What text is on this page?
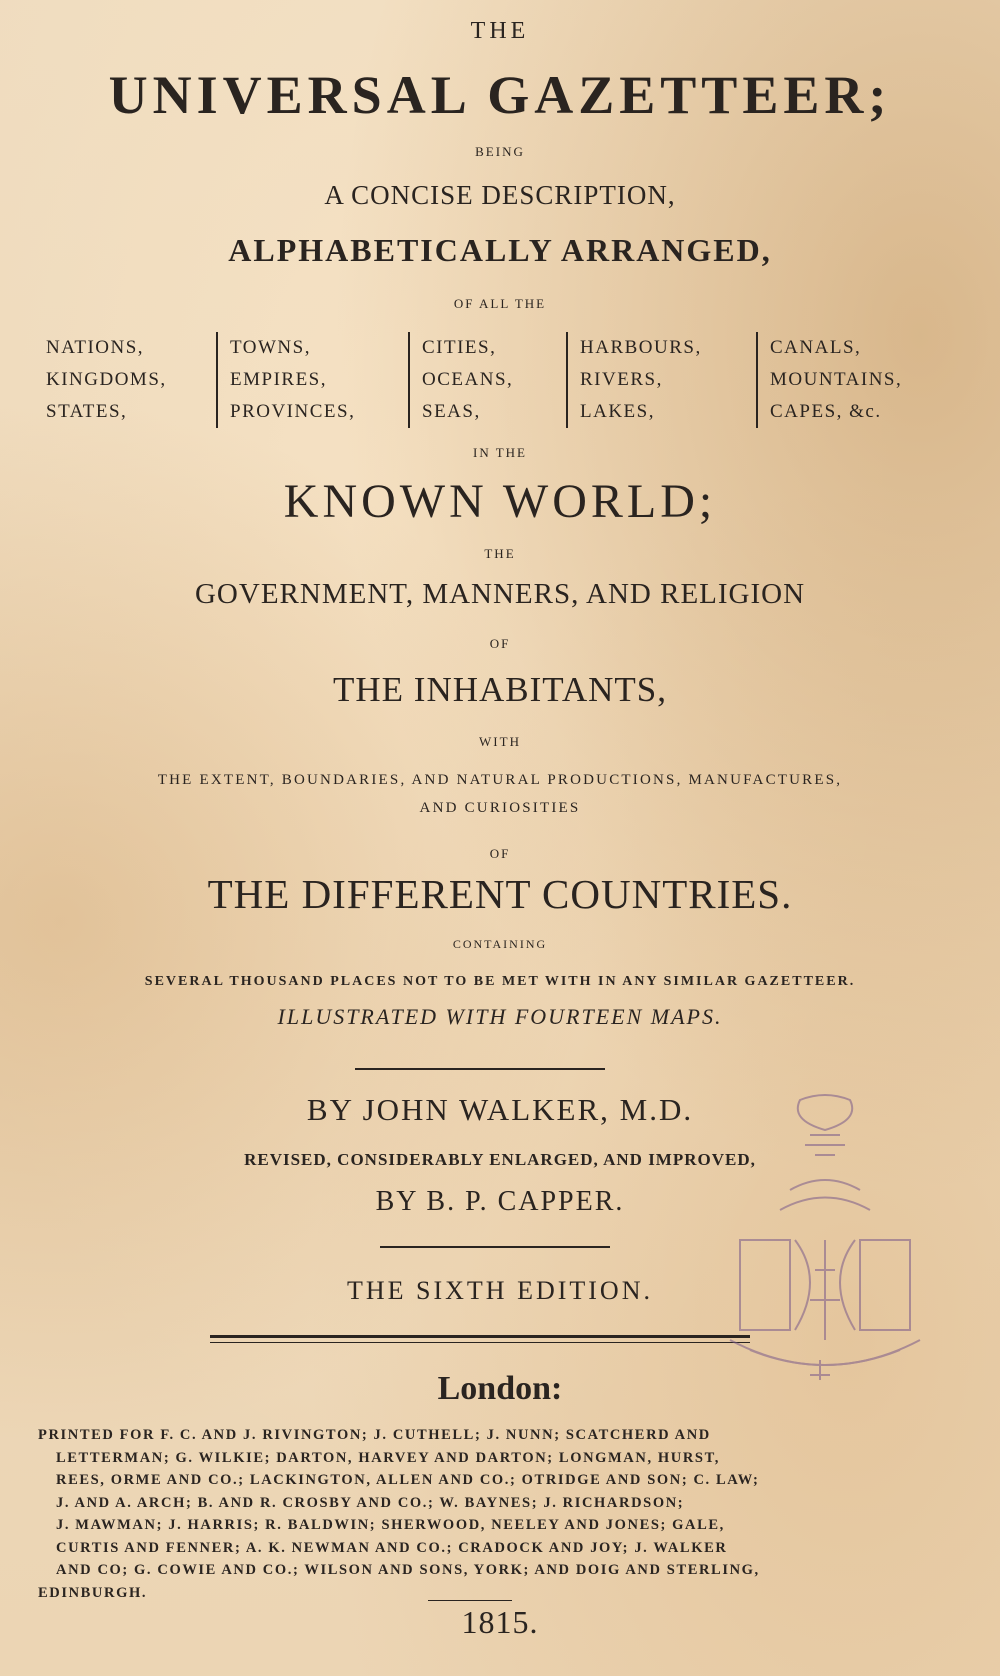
THE
UNIVERSAL GAZETTEER;
BEING
A CONCISE DESCRIPTION,
ALPHABETICALLY ARRANGED,
OF ALL THE
NATIONS,
KINGDOMS,
STATES,
TOWNS,
EMPIRES,
PROVINCES,
CITIES,
OCEANS,
SEAS,
HARBOURS,
RIVERS,
LAKES,
CANALS,
MOUNTAINS,
CAPES, &c.
IN THE
KNOWN WORLD;
THE
GOVERNMENT, MANNERS, AND RELIGION
OF
THE INHABITANTS,
WITH
THE EXTENT, BOUNDARIES, AND NATURAL PRODUCTIONS, MANUFACTURES,
AND CURIOSITIES
OF
THE DIFFERENT COUNTRIES.
CONTAINING
SEVERAL THOUSAND PLACES NOT TO BE MET WITH IN ANY SIMILAR GAZETTEER.
ILLUSTRATED WITH FOURTEEN MAPS.
BY JOHN WALKER, M.D.
REVISED, CONSIDERABLY ENLARGED, AND IMPROVED,
BY B. P. CAPPER.
THE SIXTH EDITION.
London:
PRINTED FOR F. C. AND J. RIVINGTON; J. CUTHELL; J. NUNN; SCATCHERD AND
LETTERMAN; G. WILKIE; DARTON, HARVEY AND DARTON; LONGMAN, HURST,
REES, ORME AND CO.; LACKINGTON, ALLEN AND CO.; OTRIDGE AND SON; C. LAW;
J. AND A. ARCH; B. AND R. CROSBY AND CO.; W. BAYNES; J. RICHARDSON;
J. MAWMAN; J. HARRIS; R. BALDWIN; SHERWOOD, NEELEY AND JONES; GALE,
CURTIS AND FENNER; A. K. NEWMAN AND CO.; CRADOCK AND JOY; J. WALKER
AND CO; G. COWIE AND CO.; WILSON AND SONS, YORK; AND DOIG AND STERLING,
EDINBURGH.
1815.
